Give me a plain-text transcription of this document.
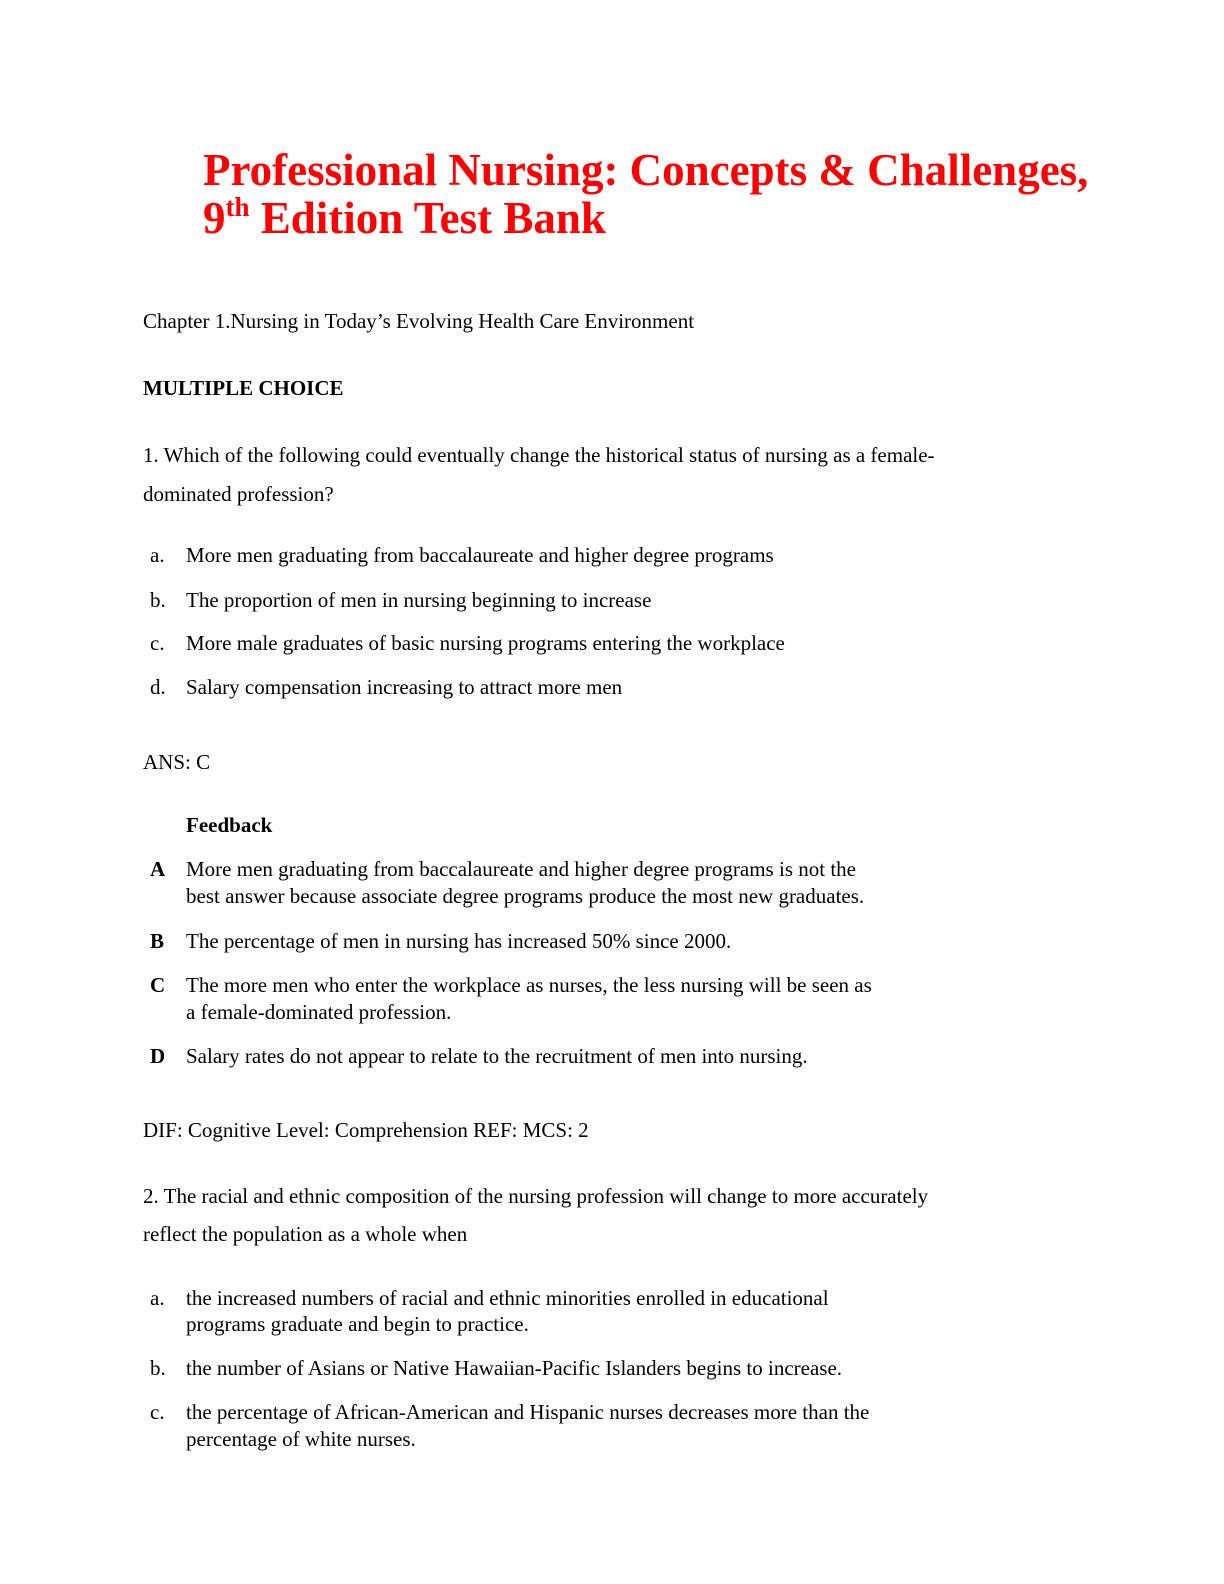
Professional Nursing: Concepts & Challenges,
9th Edition Test Bank
Chapter 1.Nursing in Today’s Evolving Health Care Environment
MULTIPLE CHOICE
1. Which of the following could eventually change the historical status of nursing as a female-
dominated profession?
a. More men graduating from baccalaureate and higher degree programs
b. The proportion of men in nursing beginning to increase
c. More male graduates of basic nursing programs entering the workplace
d. Salary compensation increasing to attract more men
ANS: C
Feedback
A More men graduating from baccalaureate and higher degree programs is not the
best answer because associate degree programs produce the most new graduates.
B The percentage of men in nursing has increased 50% since 2000.
C The more men who enter the workplace as nurses, the less nursing will be seen as
a female-dominated profession.
D Salary rates do not appear to relate to the recruitment of men into nursing.
DIF: Cognitive Level: Comprehension REF: MCS: 2
2. The racial and ethnic composition of the nursing profession will change to more accurately
reflect the population as a whole when
a. the increased numbers of racial and ethnic minorities enrolled in educational
programs graduate and begin to practice.
b. the number of Asians or Native Hawaiian-Pacific Islanders begins to increase.
c. the percentage of African-American and Hispanic nurses decreases more than the
percentage of white nurses.
